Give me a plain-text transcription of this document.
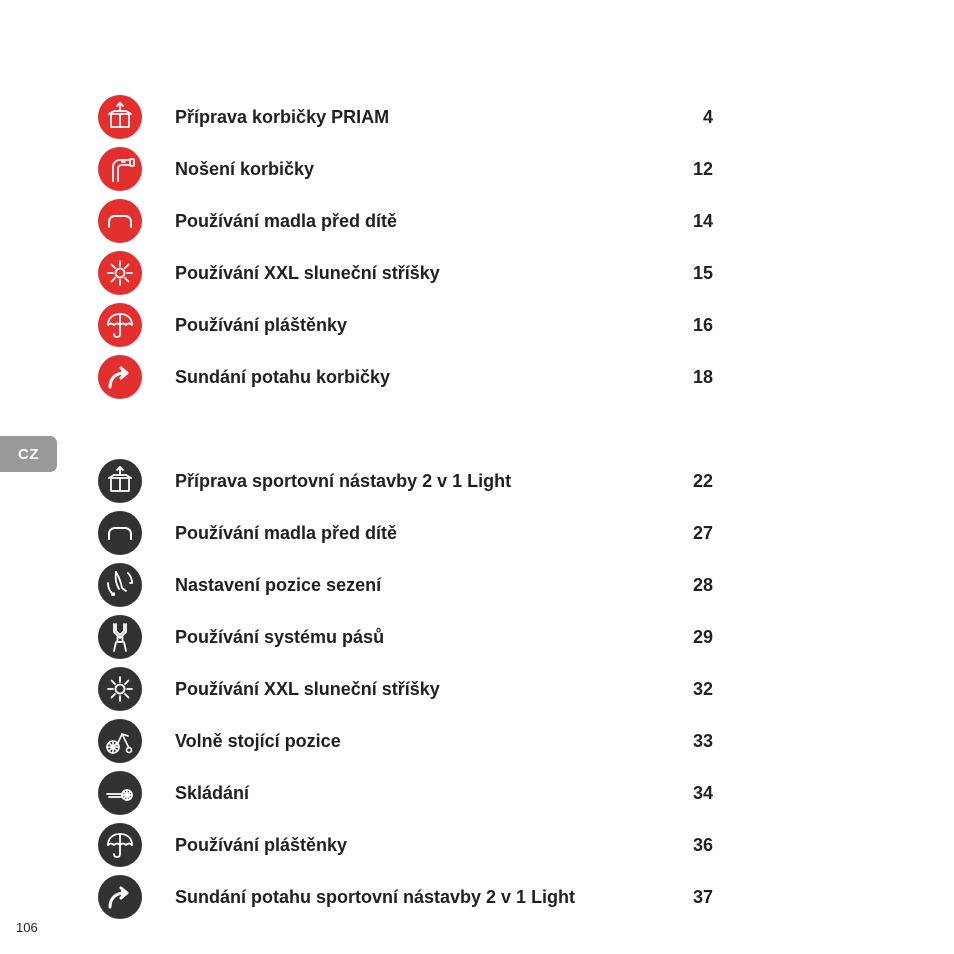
Příprava korbičky PRIAM	4
Nošení korbičky	12
Používání madla před dítě	14
Používání XXL sluneční stříšky	15
Používání pláštěnky	16
Sundání potahu korbičky	18
Příprava sportovní nástavby 2 v 1 Light	22
Používání madla před dítě	27
Nastavení pozice sezení	28
Používání systému pásů	29
Používání XXL sluneční stříšky	32
Volně stojící pozice	33
Skládání	34
Používání pláštěnky	36
Sundání potahu sportovní nástavby 2 v 1 Light	37
CZ
106
